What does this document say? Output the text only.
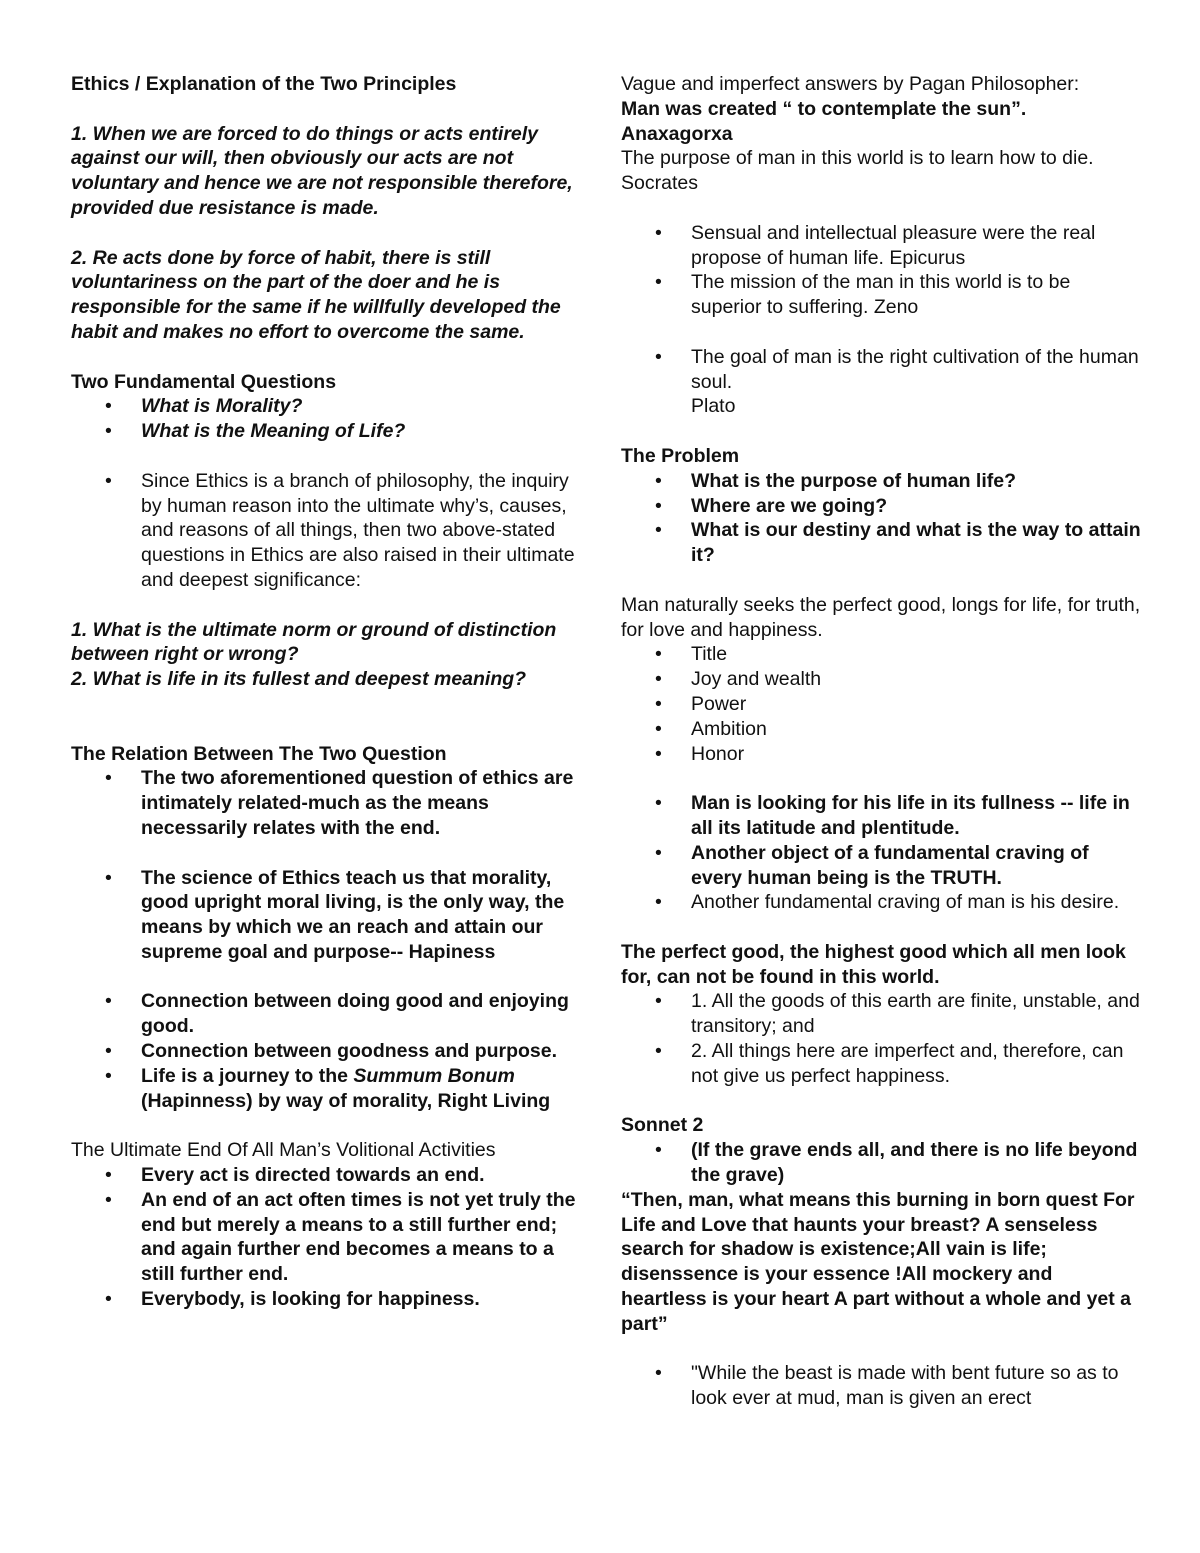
Ethics / Explanation of the Two Principles

1. When we are forced to do things or acts entirely against our will, then obviously our acts are not voluntary and hence we are not responsible therefore, provided due resistance is made.

2. Re acts done by force of habit, there is still voluntariness on the part of the doer and he is responsible for the same if he willfully developed the habit and makes no effort to overcome the same.

Two Fundamental Questions

• What is Morality?
• What is the Meaning of Life?
• Since Ethics is a branch of philosophy, the inquiry by human reason into the ultimate why’s, causes, and reasons of all things, then two above-stated questions in Ethics are also raised in their ultimate and deepest significance:

1. What is the ultimate norm or ground of distinction between right or wrong?

2. What is life in its fullest and deepest meaning?

The Relation Between The Two Question

• The two aforementioned question of ethics are intimately related-much as the means necessarily relates with the end.
• The science of Ethics teach us that morality, good upright moral living, is the only way, the means by which we an reach and attain our supreme goal and purpose-- Hapiness
• Connection between doing good and enjoying good.
• Connection between goodness and purpose.
• Life is a journey to the Summum Bonum (Hapinness) by way of morality, Right Living

The Ultimate End Of All Man’s Volitional Activities

• Every act is directed towards an end.
• An end of an act often times is not yet truly the end but merely a means to a still further end; and again further end becomes a means to a still further end.
• Everybody, is looking for happiness.

Vague and imperfect answers by Pagan Philosopher:

Man was created “ to contemplate the sun”.

Anaxagorxa

The purpose of man in this world is to learn how to die. Socrates

• Sensual and intellectual pleasure were the real propose of human life. Epicurus
• The mission of the man in this world is to be superior to suffering. Zeno
• The goal of man is the right cultivation of the human soul.
Plato

The Problem

• What is the purpose of human life?
• Where are we going?
• What is our destiny and what is the way to attain it?

Man naturally seeks the perfect good, longs for life, for truth, for love and happiness.

• Title
• Joy and wealth
• Power
• Ambition
• Honor
• Man is looking for his life in its fullness -- life in all its latitude and plentitude.
• Another object of a fundamental craving of every human being is the TRUTH.
• Another fundamental craving of man is his desire.

The perfect good, the highest good which all men look for, can not be found in this world.

• 1. All the goods of this earth are finite, unstable, and transitory; and
• 2. All things here are imperfect and, therefore, can not give us perfect happiness.

Sonnet 2

• (If the grave ends all, and there is no life beyond the grave)

“Then, man, what means this burning in born quest For Life and Love that haunts your breast? A senseless search for shadow is existence;All vain is life; disenssence is your essence !All mockery and heartless is your heart A part without a whole and yet a part”

• "While the beast is made with bent future so as to look ever at mud, man is given an erect
